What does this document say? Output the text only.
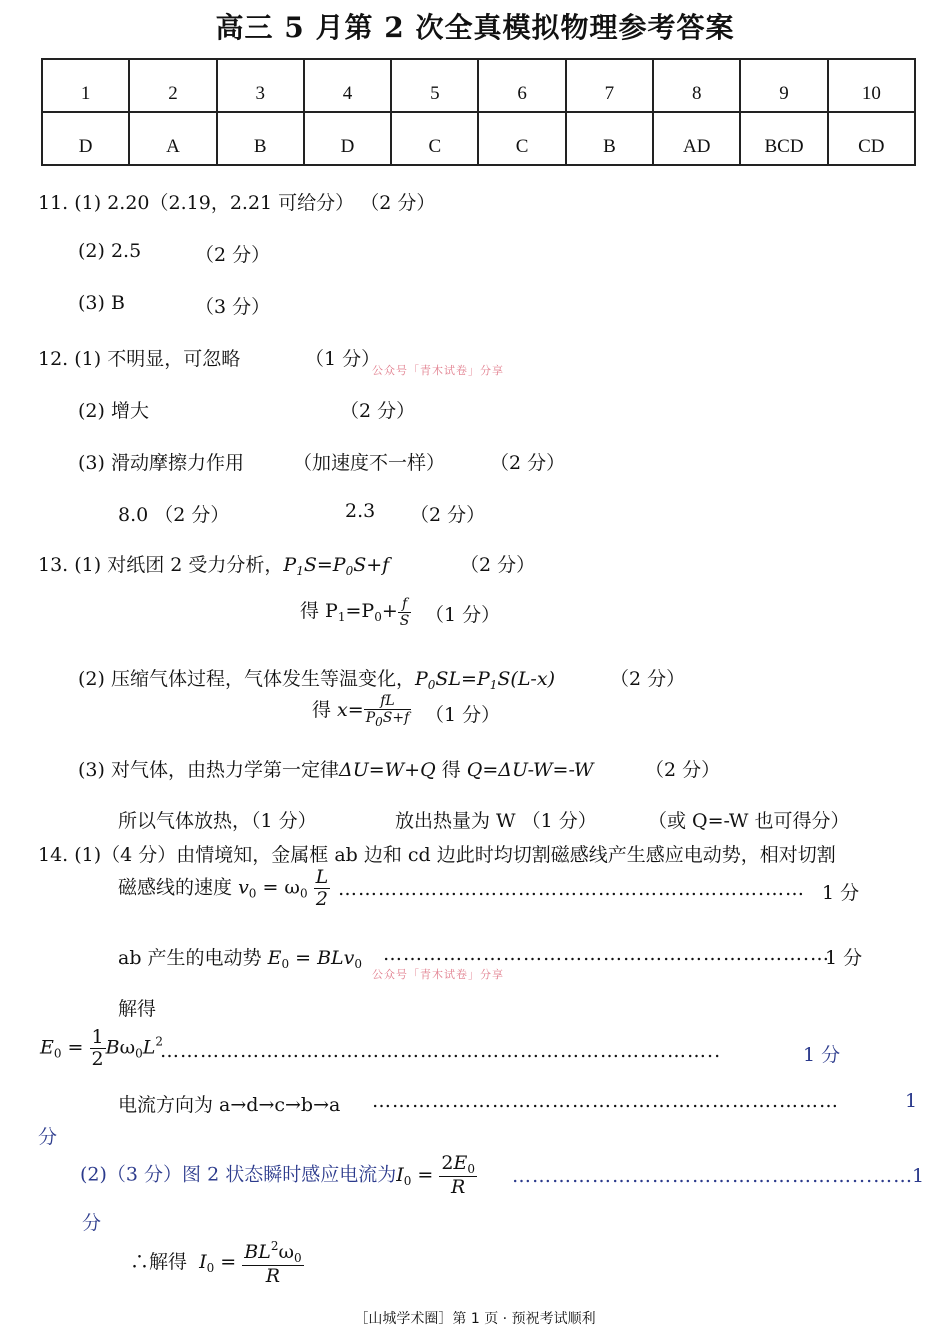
高三 5 月第 2 次全真模拟物理参考答案
1	2	3	4	5	6	7	8	9	10
D	A	B	D	C	C	B	AD	BCD	CD
11. (1) 2.20（2.19，2.21 可给分） （2 分）
(2) 2.5	（2 分）
(3) B	（3 分）
12. (1) 不明显，可忽略	（1 分）
公众号「青木试卷」分享
(2) 增大	（2 分）
(3) 滑动摩擦力作用	（加速度不一样） （2 分）
8.0 （2 分）	2.3 （2 分）
13. (1) 对纸团 2 受力分析，$P_1S=P_0S+f$	（2 分）
得 $P_1=P_0+ \frac{f}{S} (1$ 分）
(2) 压缩气体过程，气体发生等温变化，$P_0SL=P_1S(L-x)$	（2 分）
得 $x= \frac{fL}{P0S+f} (1$ 分）
(3) 对气体，由热力学第一定律ΔU=W+Q 得 Q=ΔU-W=-W	（2 分）
所以气体放热，（1 分）	放出热量为 W （1 分）	（或 Q=-W 也可得分）
14. (1)（4 分）由情境知，金属框 ab 边和 cd 边此时均切割磁感线产生感应电动势，相对切割
磁感线的速度 $v_0 = \omega_0 \frac{L}{2}$ ……………………………………………………….…… 1 分
ab 产生的电动势 $E_0 = BLv_0$ ……………………………………………………….…
1 分
公众号「青木试卷」分享
解得
$E_0 = \frac{1}{2} B\omega_0L^2$
………………………………………………………………….……..	1 分
电流方向为 a→d→c→b→a …………………………………………………….………	1
分
(2)（3 分）图 2 状态瞬时感应电流为$I_0 = \frac{2E_0}{R}$ ……………………………………………...……
1
分
∴解得 $I_0 = \frac{BL^2\omega_0}{R}$
［山城学术圈］第 1 页 · 预祝考试顺利
